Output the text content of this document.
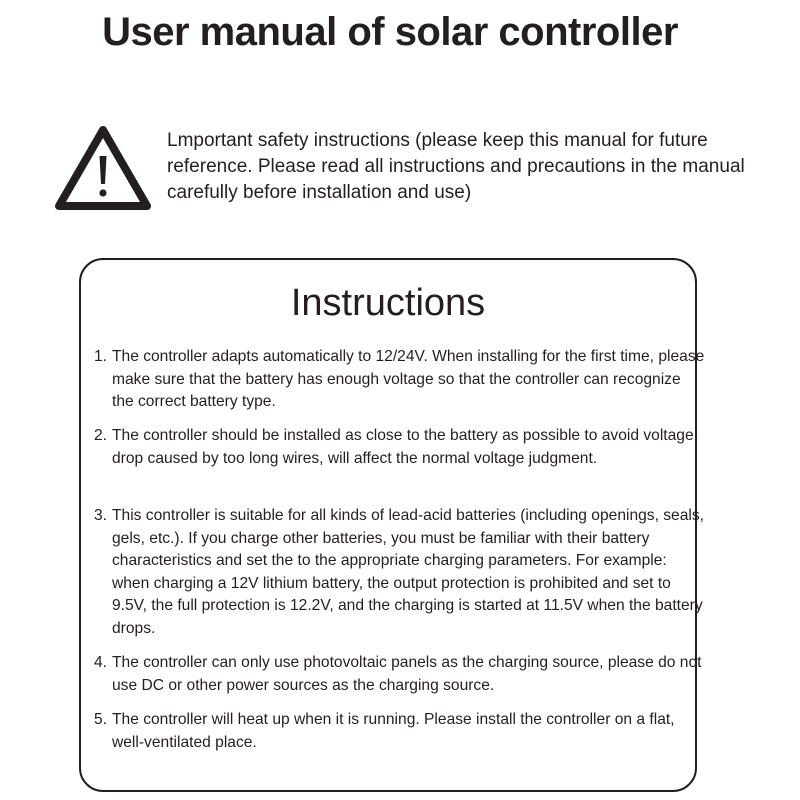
User manual of solar controller
Lmportant safety instructions (please keep this manual for future reference. Please read all instructions and precautions in the manual carefully before installation and use)
Instructions
1. The controller adapts automatically to 12/24V. When installing for the first time, please make sure that the battery has enough voltage so that the controller can recognize the correct battery type.
2. The controller should be installed as close to the battery as possible to avoid voltage drop caused by too long wires, will affect the normal voltage judgment.
3. This controller is suitable for all kinds of lead-acid batteries (including openings, seals, gels, etc.). If you charge other batteries, you must be familiar with their battery characteristics and set the to the appropriate charging parameters. For example: when charging a 12V lithium battery, the output protection is prohibited and set to 9.5V, the full protection is 12.2V, and the charging is started at 11.5V when the battery drops.
4. The controller can only use photovoltaic panels as the charging source, please do not use DC or other power sources as the charging source.
5. The controller will heat up when it is running. Please install the controller on a flat, well-ventilated place.
